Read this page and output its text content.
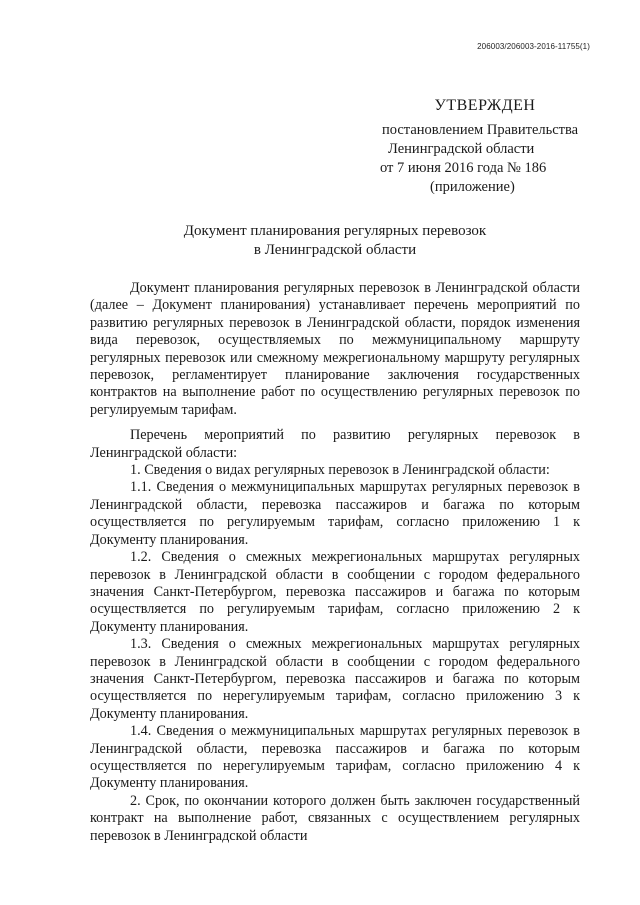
206003/206003-2016-11755(1)
УТВЕРЖДЕН
постановлением Правительства
Ленинградской области
от 7 июня 2016 года № 186
(приложение)
Документ планирования регулярных перевозок
в Ленинградской области

Документ планирования регулярных перевозок в Ленинградской области (далее – Документ планирования) устанавливает перечень мероприятий по развитию регулярных перевозок в Ленинградской области, порядок изменения вида перевозок, осуществляемых по межмуниципальному маршруту регулярных перевозок или смежному межрегиональному маршруту регулярных перевозок, регламентирует планирование заключения государственных контрактов на выполнение работ по осуществлению регулярных перевозок по регулируемым тарифам.

Перечень мероприятий по развитию регулярных перевозок в Ленинградской области:

1. Сведения о видах регулярных перевозок в Ленинградской области:

1.1. Сведения о межмуниципальных маршрутах регулярных перевозок в Ленинградской области, перевозка пассажиров и багажа по которым осуществляется по регулируемым тарифам, согласно приложению 1 к Документу планирования.

1.2. Сведения о смежных межрегиональных маршрутах регулярных перевозок в Ленинградской области в сообщении с городом федерального значения Санкт-Петербургом, перевозка пассажиров и багажа по которым осуществляется по регулируемым тарифам, согласно приложению 2 к Документу планирования.

1.3. Сведения о смежных межрегиональных маршрутах регулярных перевозок в Ленинградской области в сообщении с городом федерального значения Санкт-Петербургом, перевозка пассажиров и багажа по которым осуществляется по нерегулируемым тарифам, согласно приложению 3 к Документу планирования.

1.4. Сведения о межмуниципальных маршрутах регулярных перевозок в Ленинградской области, перевозка пассажиров и багажа по которым осуществляется по нерегулируемым тарифам, согласно приложению 4 к Документу планирования.

2. Срок, по окончании которого должен быть заключен государственный контракт на выполнение работ, связанных с осуществлением регулярных перевозок в Ленинградской области
